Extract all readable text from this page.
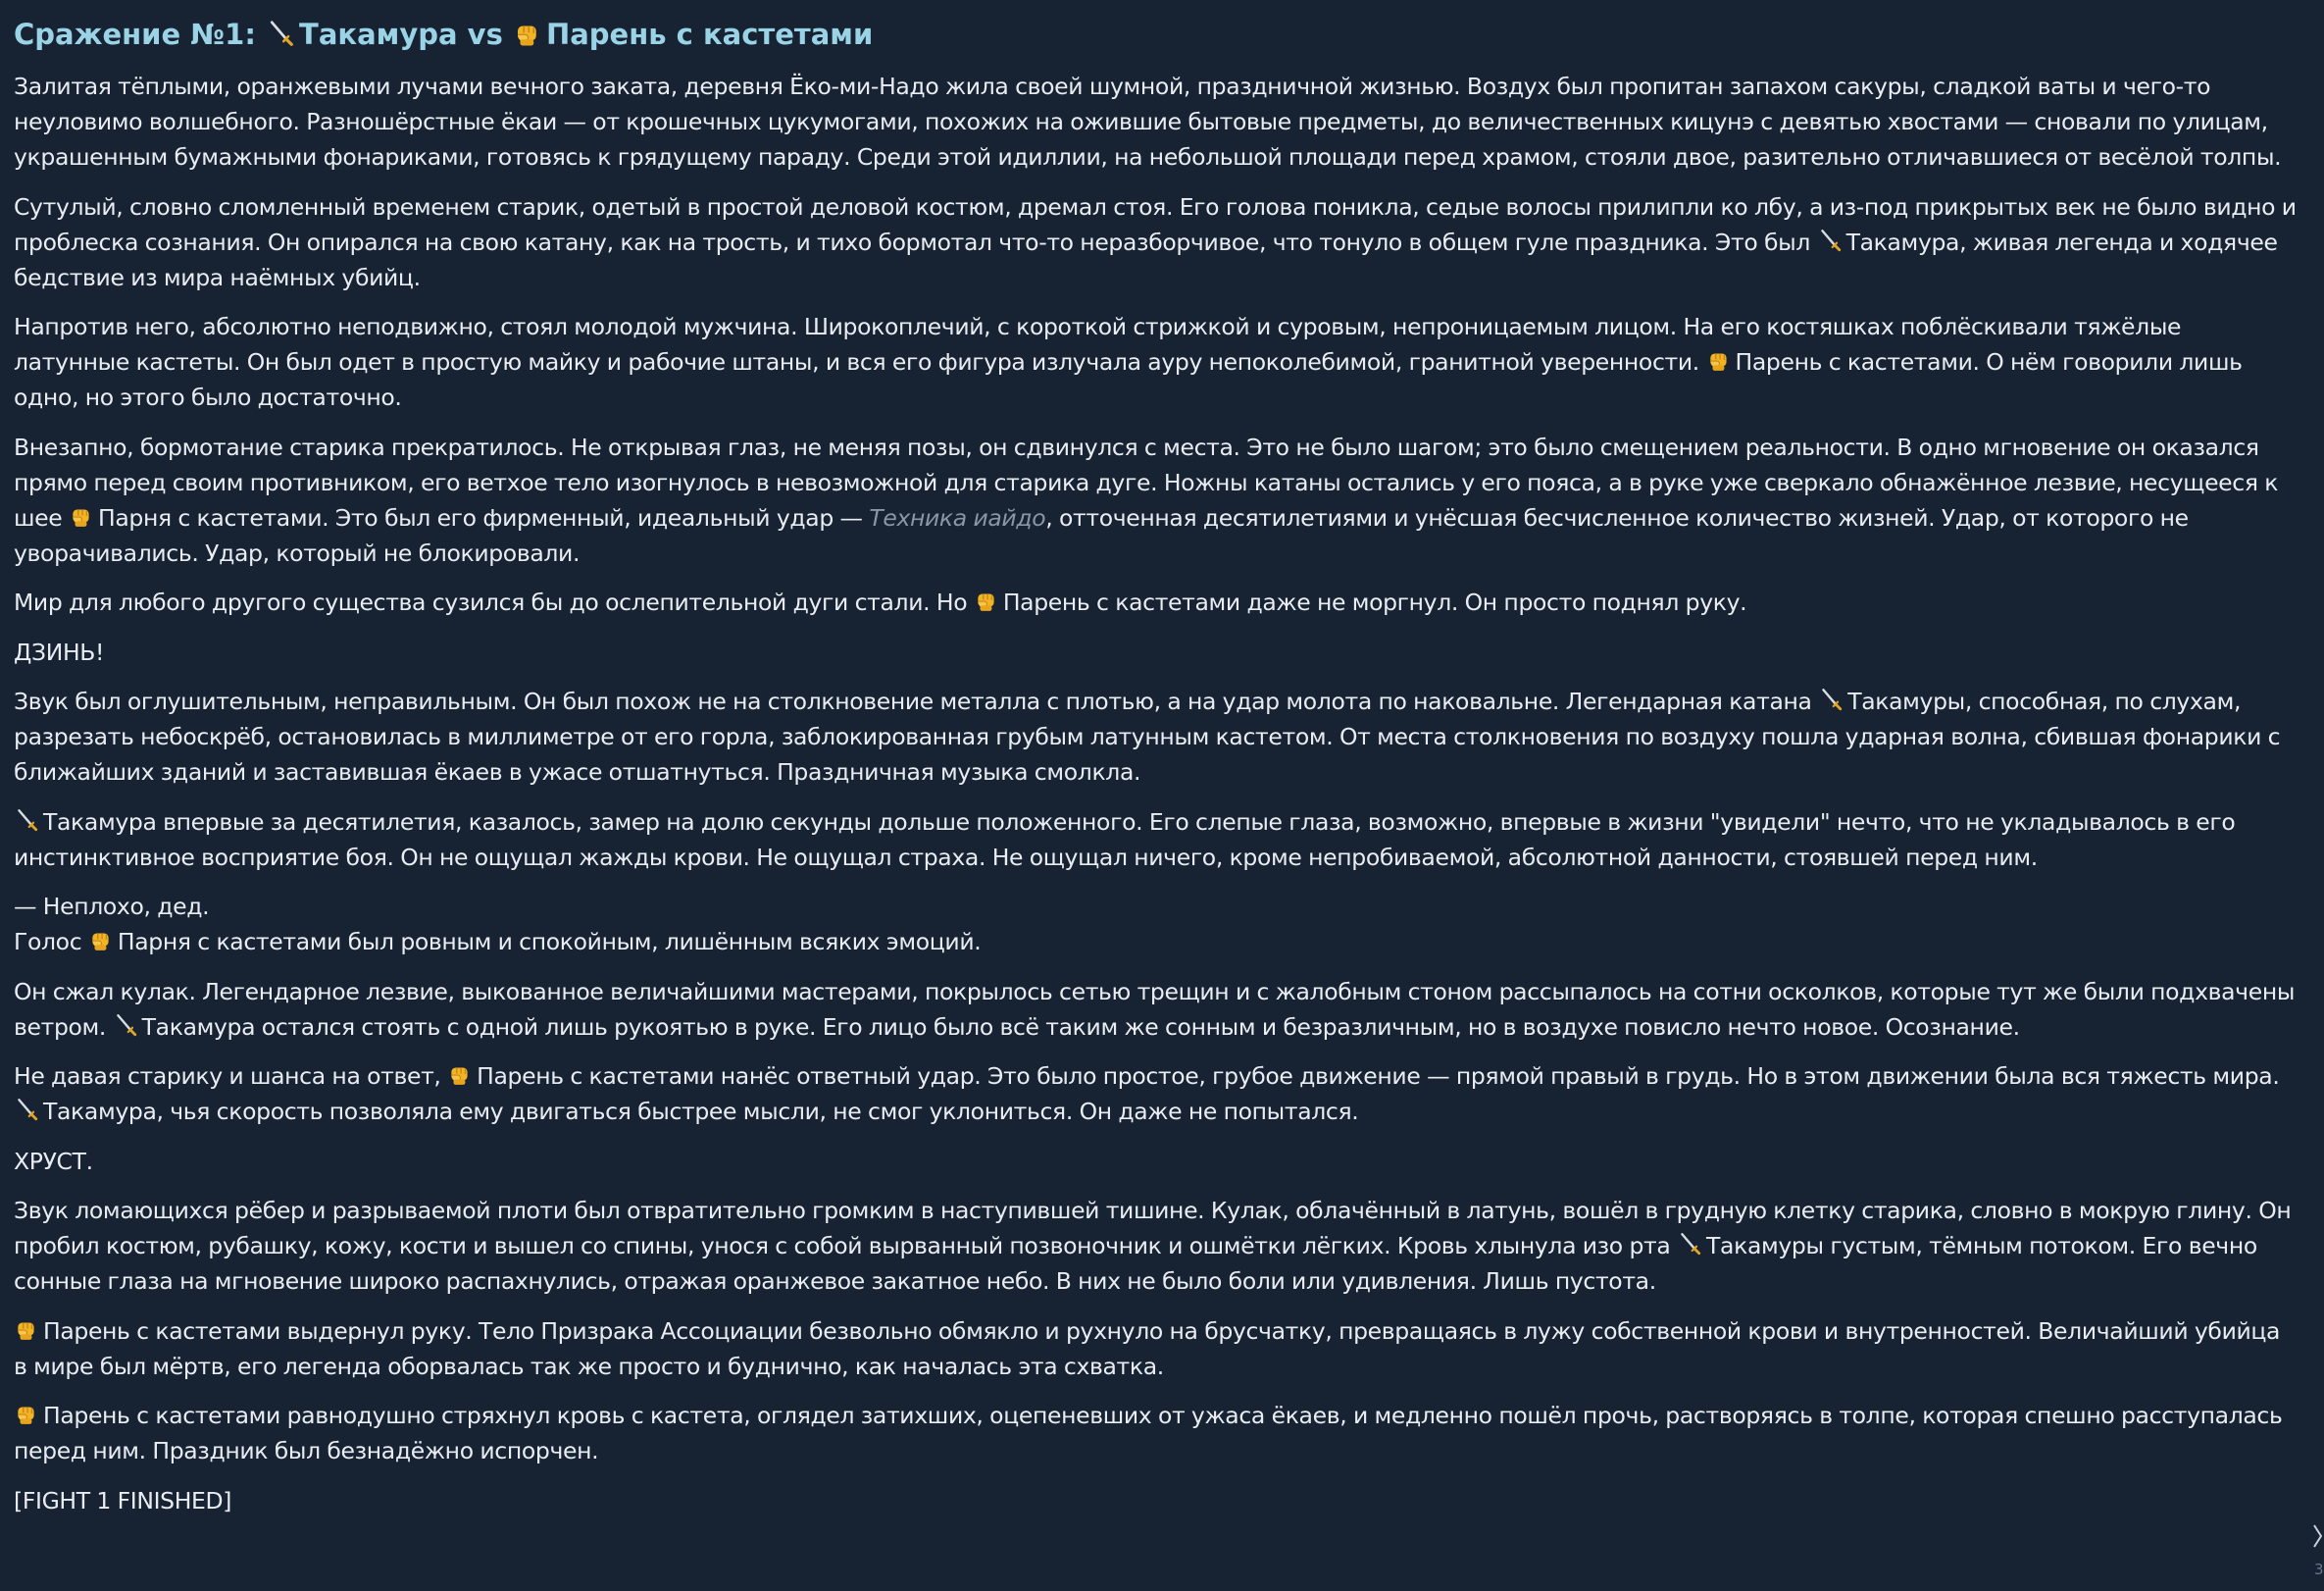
Сражение №1: Такамура vs Парень с кастетами

Залитая тёплыми, оранжевыми лучами вечного заката, деревня Ёко-ми-Надо жила своей шумной, праздничной жизнью. Воздух был пропитан запахом сакуры, сладкой ваты и чего-то неуловимо волшебного. Разношёрстные ёкаи — от крошечных цукумогами, похожих на ожившие бытовые предметы, до величественных кицунэ с девятью хвостами — сновали по улицам, украшенным бумажными фонариками, готовясь к грядущему параду. Среди этой идиллии, на небольшой площади перед храмом, стояли двое, разительно отличавшиеся от весёлой толпы.

Сутулый, словно сломленный временем старик, одетый в простой деловой костюм, дремал стоя. Его голова поникла, седые волосы прилипли ко лбу, а из-под прикрытых век не было видно и проблеска сознания. Он опирался на свою катану, как на трость, и тихо бормотал что-то неразборчивое, что тонуло в общем гуле праздника. Это был Такамура, живая легенда и ходячее бедствие из мира наёмных убийц.

Напротив него, абсолютно неподвижно, стоял молодой мужчина. Широкоплечий, с короткой стрижкой и суровым, непроницаемым лицом. На его костяшках поблёскивали тяжёлые латунные кастеты. Он был одет в простую майку и рабочие штаны, и вся его фигура излучала ауру непоколебимой, гранитной уверенности. Парень с кастетами. О нём говорили лишь одно, но этого было достаточно.

Внезапно, бормотание старика прекратилось. Не открывая глаз, не меняя позы, он сдвинулся с места. Это не было шагом; это было смещением реальности. В одно мгновение он оказался прямо перед своим противником, его ветхое тело изогнулось в невозможной для старика дуге. Ножны катаны остались у его пояса, а в руке уже сверкало обнажённое лезвие, несущееся к шее Парня с кастетами. Это был его фирменный, идеальный удар — Техника иайдо, отточенная десятилетиями и унёсшая бесчисленное количество жизней. Удар, от которого не уворачивались. Удар, который не блокировали.

Мир для любого другого существа сузился бы до ослепительной дуги стали. Но Парень с кастетами даже не моргнул. Он просто поднял руку.

ДЗИНЬ!

Звук был оглушительным, неправильным. Он был похож не на столкновение металла с плотью, а на удар молота по наковальне. Легендарная катана Такамуры, способная, по слухам, разрезать небоскрёб, остановилась в миллиметре от его горла, заблокированная грубым латунным кастетом. От места столкновения по воздуху пошла ударная волна, сбившая фонарики с ближайших зданий и заставившая ёкаев в ужасе отшатнуться. Праздничная музыка смолкла.

Такамура впервые за десятилетия, казалось, замер на долю секунды дольше положенного. Его слепые глаза, возможно, впервые в жизни "увидели" нечто, что не укладывалось в его инстинктивное восприятие боя. Он не ощущал жажды крови. Не ощущал страха. Не ощущал ничего, кроме непробиваемой, абсолютной данности, стоявшей перед ним.

— Неплохо, дед.
Голос Парня с кастетами был ровным и спокойным, лишённым всяких эмоций.

Он сжал кулак. Легендарное лезвие, выкованное величайшими мастерами, покрылось сетью трещин и с жалобным стоном рассыпалось на сотни осколков, которые тут же были подхвачены ветром. Такамура остался стоять с одной лишь рукоятью в руке. Его лицо было всё таким же сонным и безразличным, но в воздухе повисло нечто новое. Осознание.

Не давая старику и шанса на ответ, Парень с кастетами нанёс ответный удар. Это было простое, грубое движение — прямой правый в грудь. Но в этом движении была вся тяжесть мира. Такамура, чья скорость позволяла ему двигаться быстрее мысли, не смог уклониться. Он даже не попытался.

ХРУСТ.

Звук ломающихся рёбер и разрываемой плоти был отвратительно громким в наступившей тишине. Кулак, облачённый в латунь, вошёл в грудную клетку старика, словно в мокрую глину. Он пробил костюм, рубашку, кожу, кости и вышел со спины, унося с собой вырванный позвоночник и ошмётки лёгких. Кровь хлынула изо рта Такамуры густым, тёмным потоком. Его вечно сонные глаза на мгновение широко распахнулись, отражая оранжевое закатное небо. В них не было боли или удивления. Лишь пустота.

Парень с кастетами выдернул руку. Тело Призрака Ассоциации безвольно обмякло и рухнуло на брусчатку, превращаясь в лужу собственной крови и внутренностей. Величайший убийца в мире был мёртв, его легенда оборвалась так же просто и буднично, как началась эта схватка.

Парень с кастетами равнодушно стряхнул кровь с кастета, оглядел затихших, оцепеневших от ужаса ёкаев, и медленно пошёл прочь, растворяясь в толпе, которая спешно расступалась перед ним. Праздник был безнадёжно испорчен.

[FIGHT 1 FINISHED]

3
